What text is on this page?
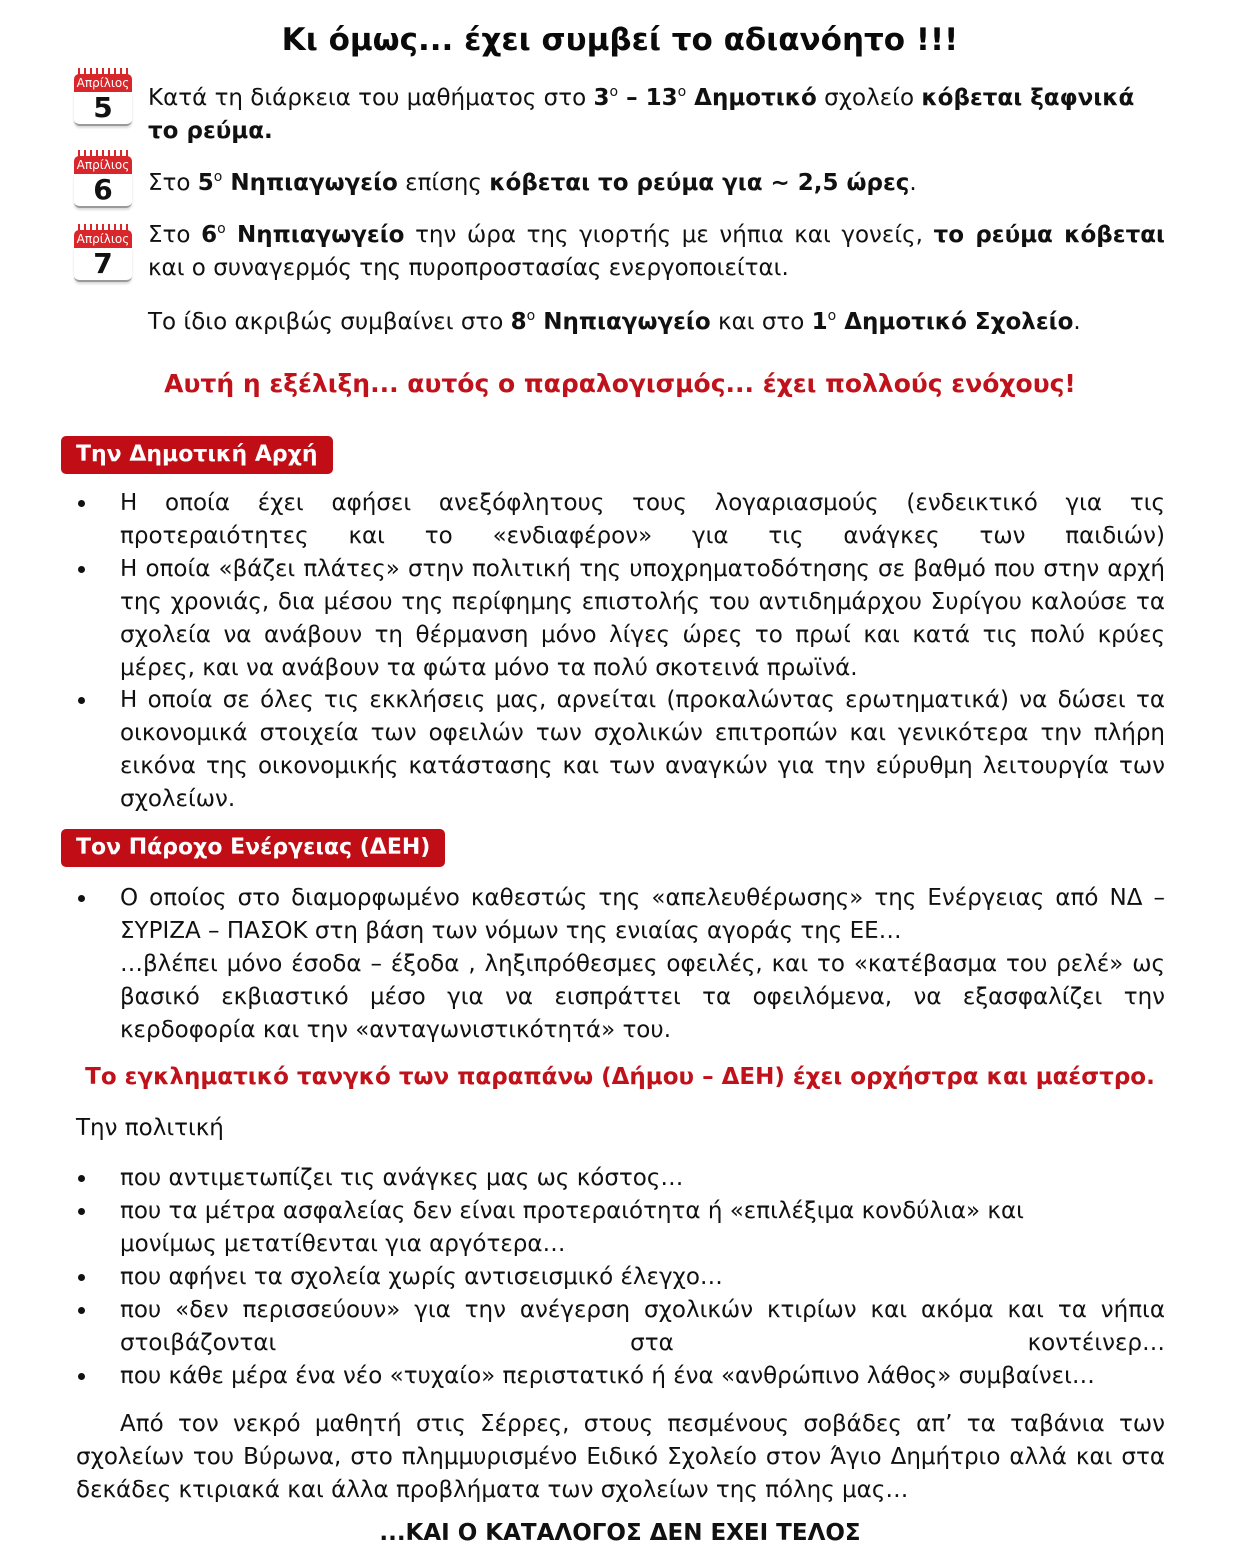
Κι όμως... έχει συμβεί το αδιανόητο !!!
Απρίλιος
5
Απρίλιος
6
Απρίλιος
7
Κατά τη διάρκεια του μαθήματος στο $3^o - 13^o$ Δημοτικό σχολείο κόβεται ξαφνικά το ρεύμα.
Στο $5^o$ Νηπιαγωγείο επίσης κόβεται το ρεύμα για ~ 2,5 ώρες.
Στο $6^o$ Νηπιαγωγείο την ώρα της γιορτής με νήπια και γονείς, το ρεύμα κόβεται και ο συναγερμός της πυροπροστασίας ενεργοποιείται.
Το ίδιο ακριβώς συμβαίνει στο $8^o$ Νηπιαγωγείο και στο $1^o$ Δημοτικό Σχολείο.
Αυτή η εξέλιξη... αυτός ο παραλογισμός... έχει πολλούς ενόχους!
Την Δημοτική Αρχή
Η οποία έχει αφήσει ανεξόφλητους τους λογαριασμούς (ενδεικτικό για τις προτεραιότητες και το «ενδιαφέρον» για τις ανάγκες των παιδιών)
Η οποία «βάζει πλάτες» στην πολιτική της υποχρηματοδότησης σε βαθμό που στην αρχή της χρονιάς, δια μέσου της περίφημης επιστολής του αντιδημάρχου Συρίγου καλούσε τα σχολεία να ανάβουν τη θέρμανση μόνο λίγες ώρες το πρωί και κατά τις πολύ κρύες μέρες, και να ανάβουν τα φώτα μόνο τα πολύ σκοτεινά πρωϊνά.
Η οποία σε όλες τις εκκλήσεις μας, αρνείται (προκαλώντας ερωτηματικά) να δώσει τα οικονομικά στοιχεία των οφειλών των σχολικών επιτροπών και γενικότερα την πλήρη εικόνα της οικονομικής κατάστασης και των αναγκών για την εύρυθμη λειτουργία των σχολείων.
Τον Πάροχο Ενέργειας (ΔΕΗ)
Ο οποίος στο διαμορφωμένο καθεστώς της «απελευθέρωσης» της Ενέργειας από ΝΔ – ΣΥΡΙΖΑ – ΠΑΣΟΚ στη βάση των νόμων της ενιαίας αγοράς της ΕΕ…
…βλέπει μόνο έσοδα – έξοδα , ληξιπρόθεσμες οφειλές, και το «κατέβασμα του ρελέ» ως βασικό εκβιαστικό μέσο για να εισπράττει τα οφειλόμενα, να εξασφαλίζει την κερδοφορία και την «ανταγωνιστικότητά» του.
Το εγκληματικό τανγκό των παραπάνω (Δήμου – ΔΕΗ) έχει ορχήστρα και μαέστρο.
Την πολιτική
που αντιμετωπίζει τις ανάγκες μας ως κόστος…
που τα μέτρα ασφαλείας δεν είναι προτεραιότητα ή «επιλέξιμα κονδύλια» και μονίμως μετατίθενται για αργότερα…
που αφήνει τα σχολεία χωρίς αντισεισμικό έλεγχο…
που «δεν περισσεύουν» για την ανέγερση σχολικών κτιρίων και ακόμα και τα νήπια στοιβάζονται στα κοντέινερ…
που κάθε μέρα ένα νέο «τυχαίο» περιστατικό ή ένα «ανθρώπινο λάθος» συμβαίνει…
Από τον νεκρό μαθητή στις Σέρρες, στους πεσμένους σοβάδες απ’ τα ταβάνια των σχολείων του Βύρωνα, στο πλημμυρισμένο Ειδικό Σχολείο στον Άγιο Δημήτριο αλλά και στα δεκάδες κτιριακά και άλλα προβλήματα των σχολείων της πόλης μας…
...ΚΑΙ Ο ΚΑΤΑΛΟΓΟΣ ΔΕΝ ΕΧΕΙ ΤΕΛΟΣ
